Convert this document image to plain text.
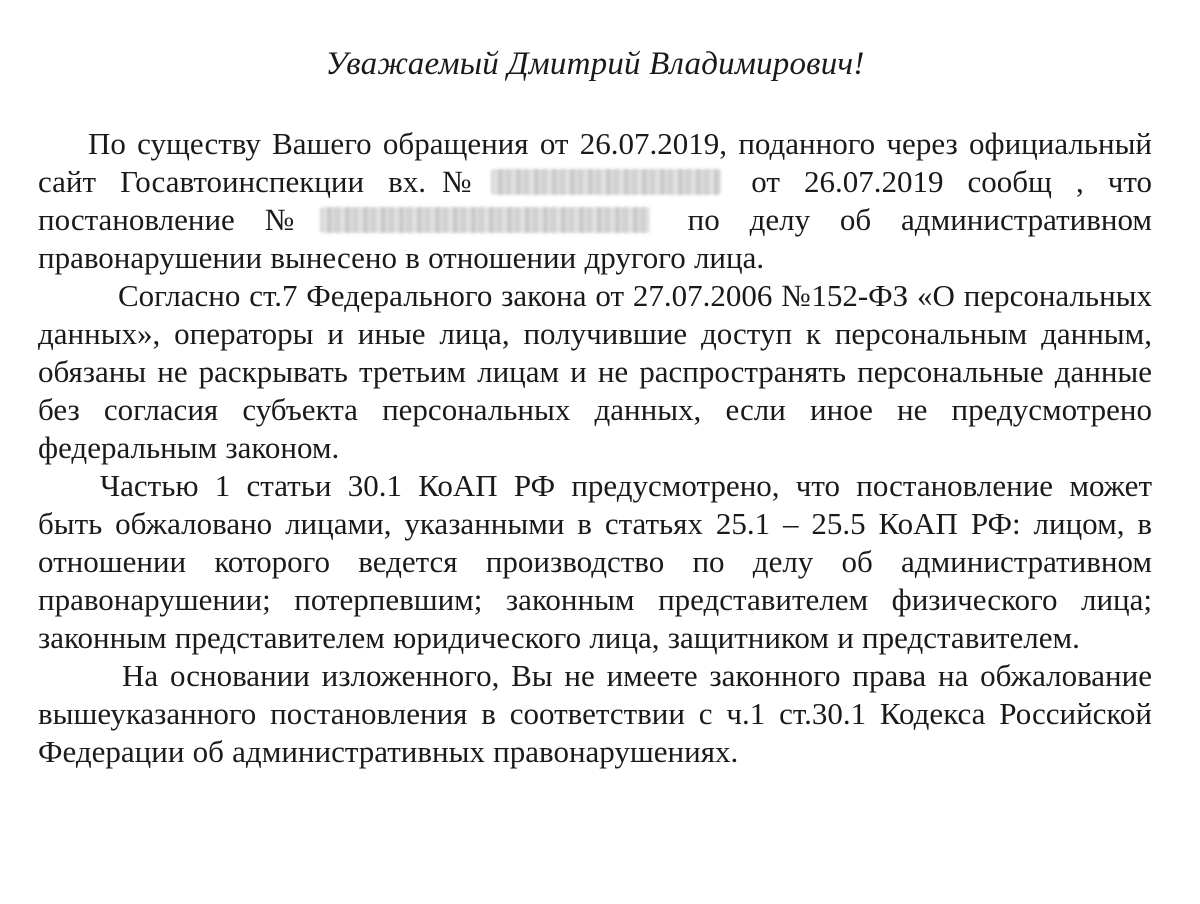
Уважаемый Дмитрий Владимирович!

По существу Вашего обращения от 26.07.2019, поданного через официальный сайт Госавтоинспекции вх.№	от 26.07.2019 сообщ , что постановление №	по делу об административном правонарушении вынесено в отношении другого лица.

Согласно ст.7 Федерального закона от 27.07.2006 №152-ФЗ «О персональных данных», операторы и иные лица, получившие доступ к персональным данным, обязаны не раскрывать третьим лицам и не распространять персональные данные без согласия субъекта персональных данных, если иное не предусмотрено федеральным законом.

Частью 1 статьи 30.1 КоАП РФ предусмотрено, что постановление может быть обжаловано лицами, указанными в статьях 25.1 – 25.5 КоАП РФ: лицом, в отношении которого ведется производство по делу об административном правонарушении; потерпевшим; законным представителем физического лица; законным представителем юридического лица, защитником и представителем.

На основании изложенного, Вы не имеете законного права на обжалование вышеуказанного постановления в соответствии с ч.1 ст.30.1 Кодекса Российской Федерации об административных правонарушениях.
